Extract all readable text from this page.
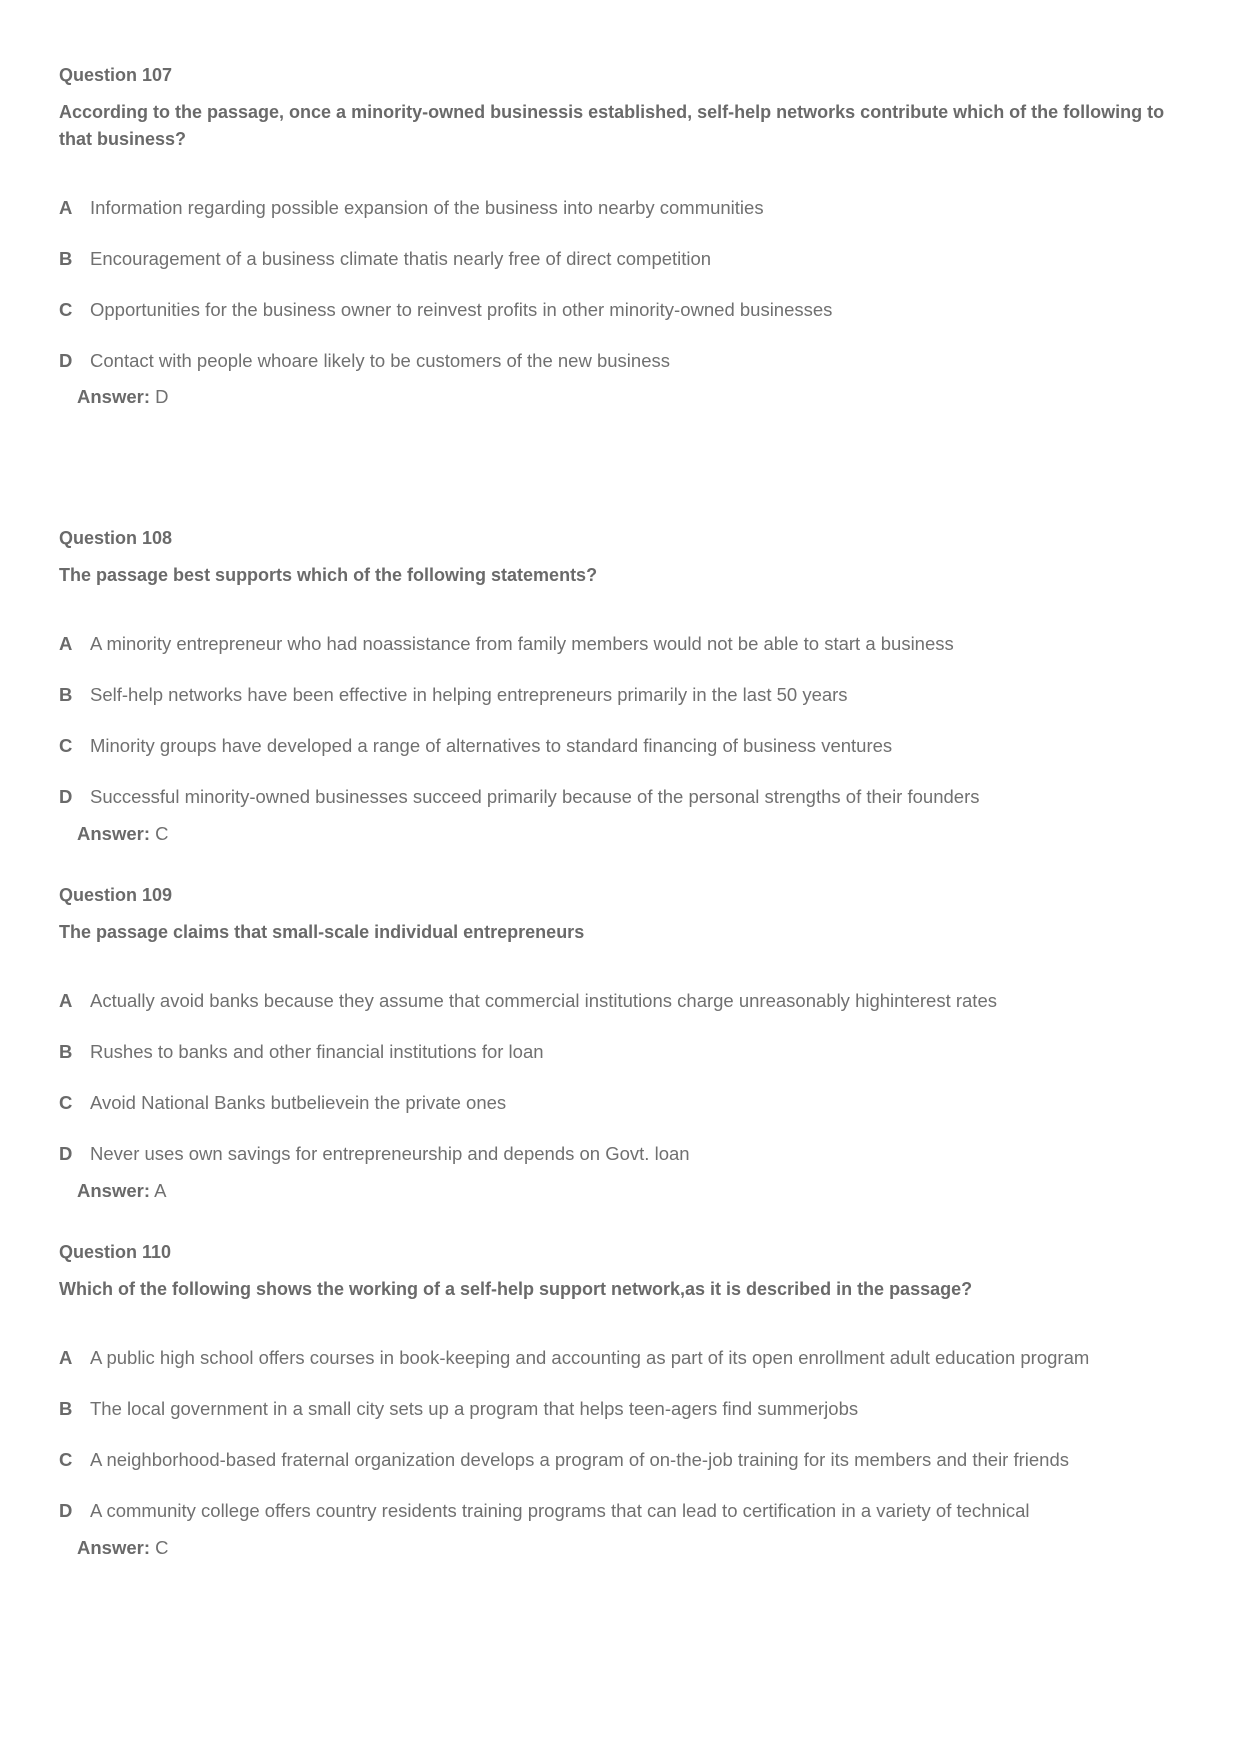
Question 107

According to the passage, once a minority-owned businessis established, self-help networks contribute which of the following to that business?

A Information regarding possible expansion of the business into nearby communities
B Encouragement of a business climate thatis nearly free of direct competition
C Opportunities for the business owner to reinvest profits in other minority-owned businesses
D Contact with people whoare likely to be customers of the new business
Answer: D

Question 108

The passage best supports which of the following statements?

A A minority entrepreneur who had noassistance from family members would not be able to start a business
B Self-help networks have been effective in helping entrepreneurs primarily in the last 50 years
C Minority groups have developed a range of alternatives to standard financing of business ventures
D Successful minority-owned businesses succeed primarily because of the personal strengths of their founders
Answer: C

Question 109

The passage claims that small-scale individual entrepreneurs

A Actually avoid banks because they assume that commercial institutions charge unreasonably highinterest rates
B Rushes to banks and other financial institutions for loan
C Avoid National Banks butbelievein the private ones
D Never uses own savings for entrepreneurship and depends on Govt. loan
Answer: A

Question 110

Which of the following shows the working of a self-help support network,as it is described in the passage?

A A public high school offers courses in book-keeping and accounting as part of its open enrollment adult education program
B The local government in a small city sets up a program that helps teen-agers find summerjobs
C A neighborhood-based fraternal organization develops a program of on-the-job training for its members and their friends
D A community college offers country residents training programs that can lead to certification in a variety of technical
Answer: C
